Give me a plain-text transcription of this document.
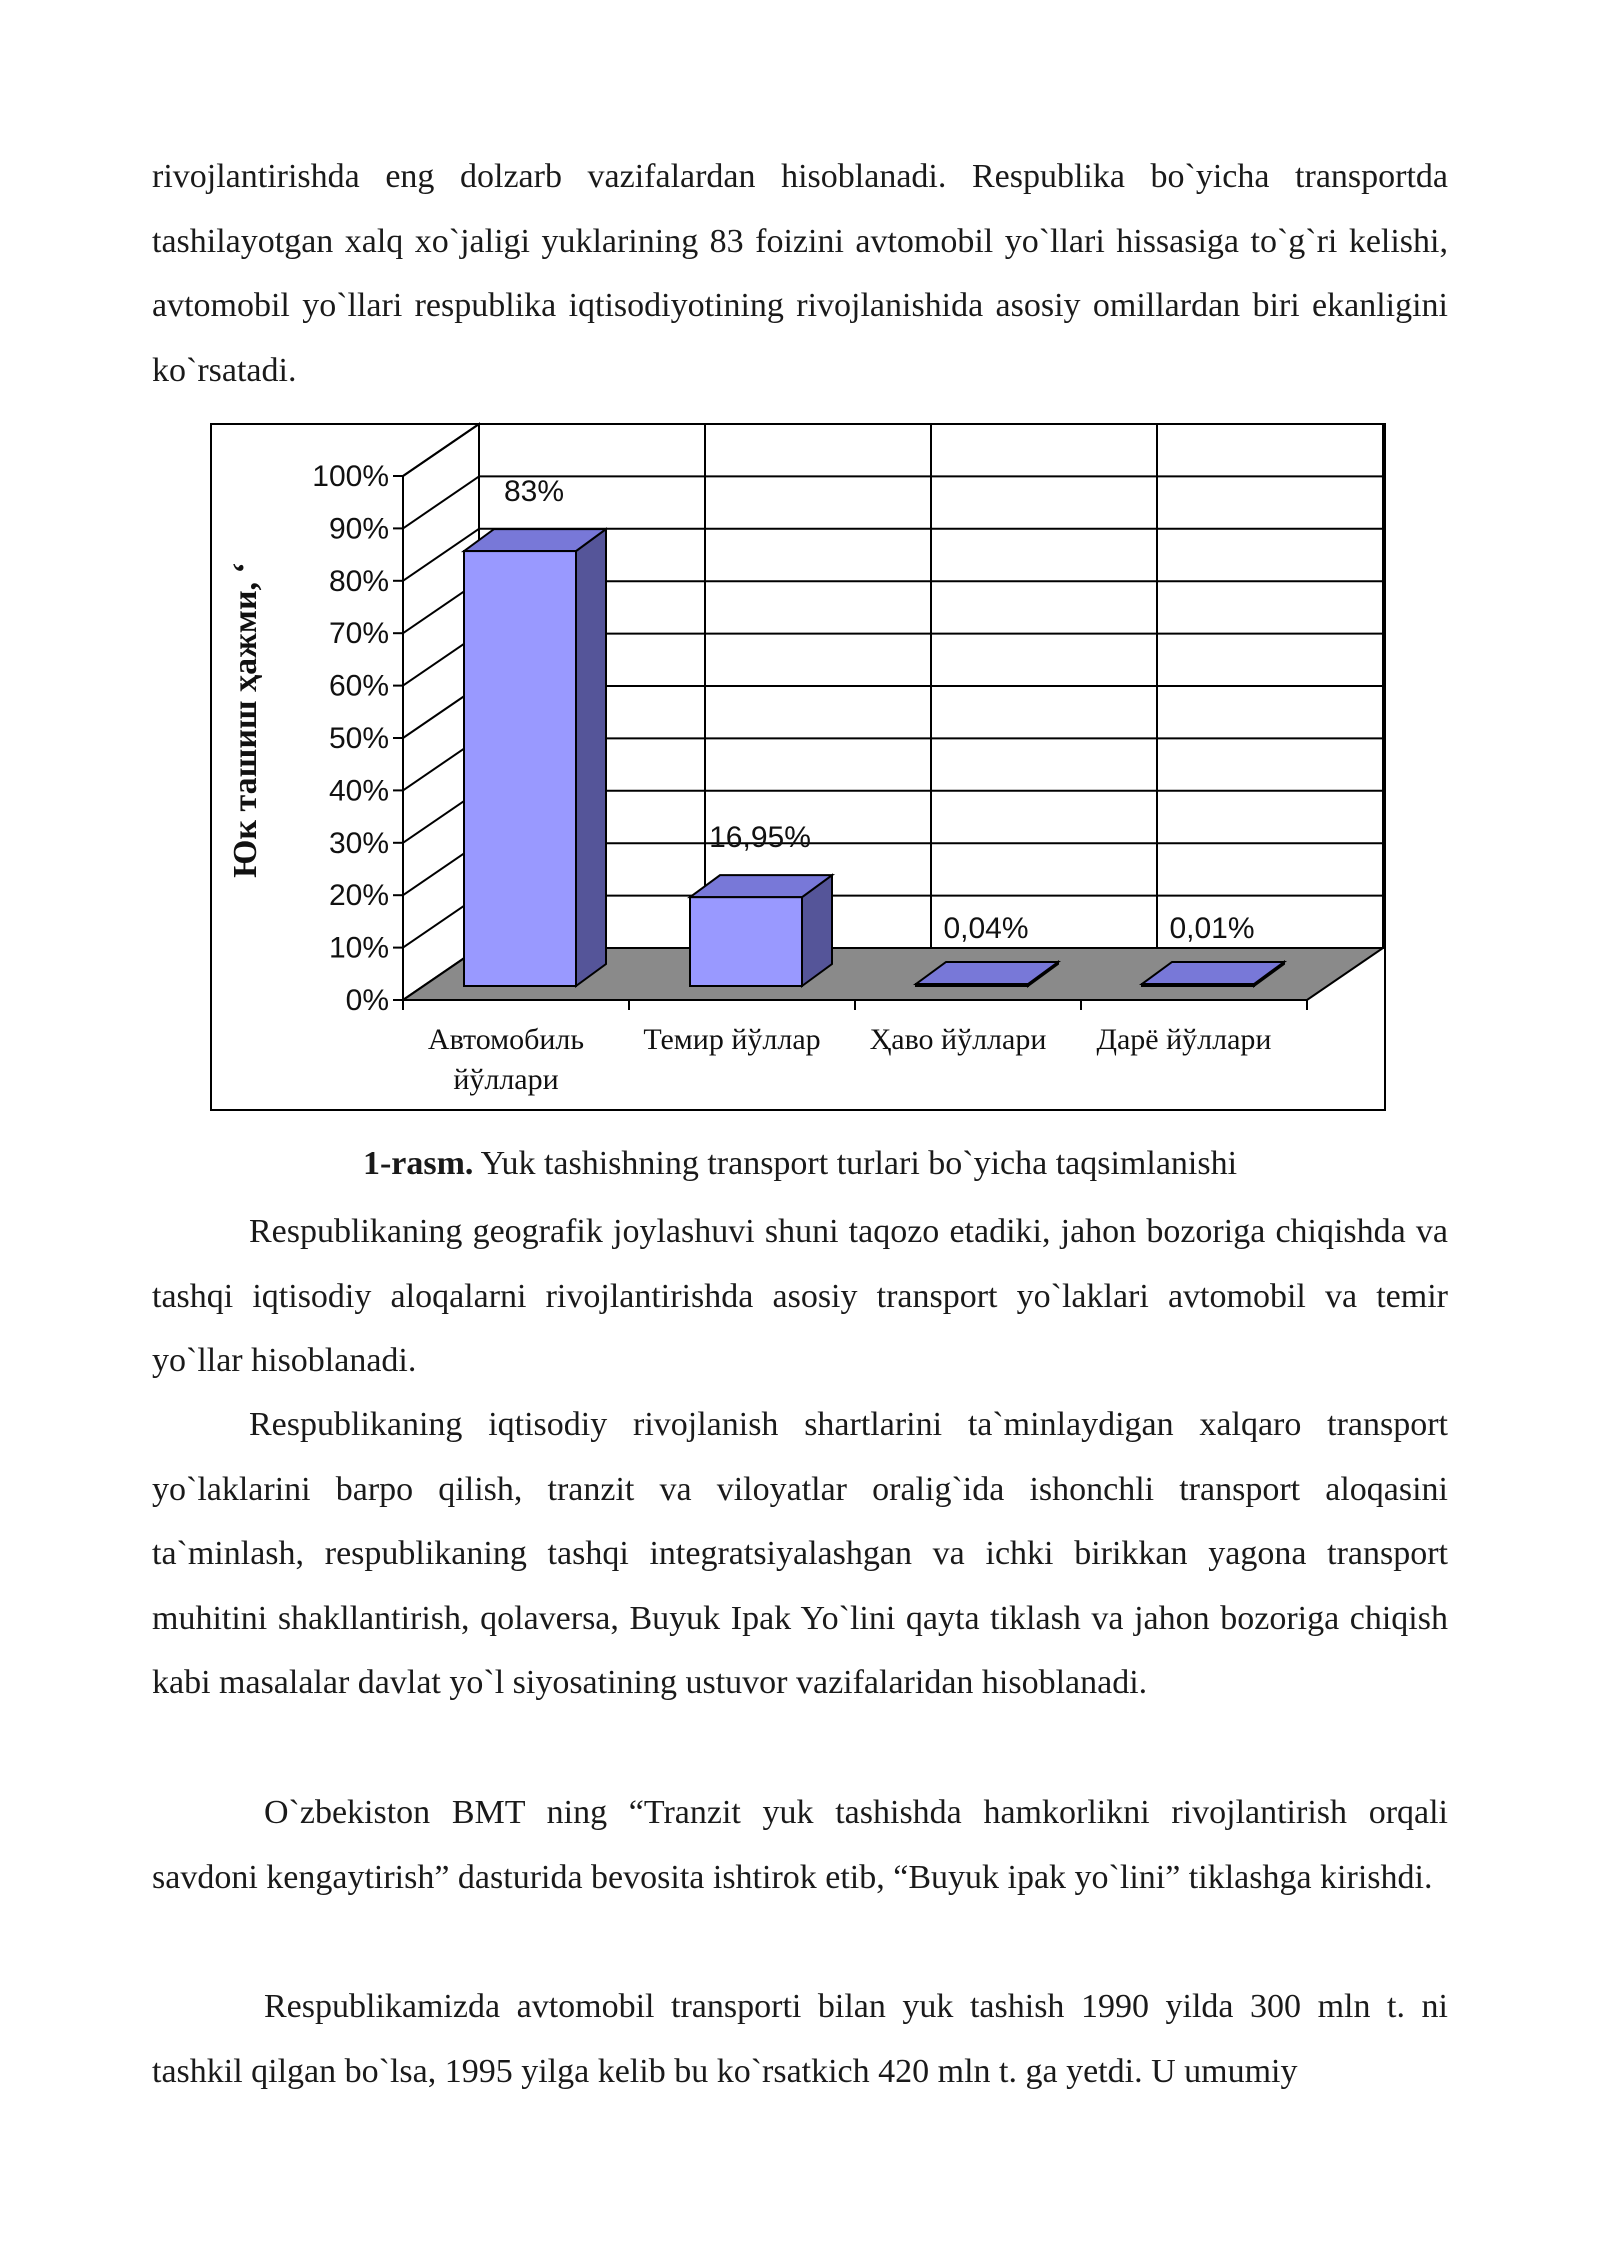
rivojlantirishda eng dolzarb vazifalardan hisoblanadi. Respublika bo`yicha transportda tashilayotgan xalq xo`jaligi yuklarining 83 foizini avtomobil yo`llari hissasiga to`g`ri kelishi, avtomobil yo`llari respublika iqtisodiyotining rivojlanishida asosiy omillardan biri ekanligini ko`rsatadi.

0%
10%
20%
30%
40%
50%
60%
70%
80%
90%
100%	83%
Автомобиль
йўллари
16,95%
Темир йўллар
0,04%
Ҳаво йўллари
0,01%
Дарё йўллари
Юк ташиш ҳажми, ‘

1-rasm. Yuk tashishning transport turlari bo`yicha taqsimlanishi

Respublikaning geografik joylashuvi shuni taqozo etadiki, jahon bozoriga chiqishda va tashqi iqtisodiy aloqalarni rivojlantirishda asosiy transport yo`laklari avtomobil va temir yo`llar hisoblanadi.

Respublikaning iqtisodiy rivojlanish shartlarini ta`minlaydigan xalqaro transport yo`laklarini barpo qilish, tranzit va viloyatlar oralig`ida ishonchli transport aloqasini ta`minlash, respublikaning tashqi integratsiyalashgan va ichki birikkan yagona transport muhitini shakllantirish, qolaversa, Buyuk Ipak Yo`lini qayta tiklash va jahon bozoriga chiqish kabi masalalar davlat yo`l siyosatining ustuvor vazifalaridan hisoblanadi.

O`zbekiston BMT ning “Tranzit yuk tashishda hamkorlikni rivojlantirish orqali savdoni kengaytirish” dasturida bevosita ishtirok etib, “Buyuk ipak yo`lini” tiklashga kirishdi.

Respublikamizda avtomobil transporti bilan yuk tashish 1990 yilda 300 mln t. ni tashkil qilgan bo`lsa, 1995 yilga kelib bu ko`rsatkich 420 mln t. ga yetdi. U umumiy
